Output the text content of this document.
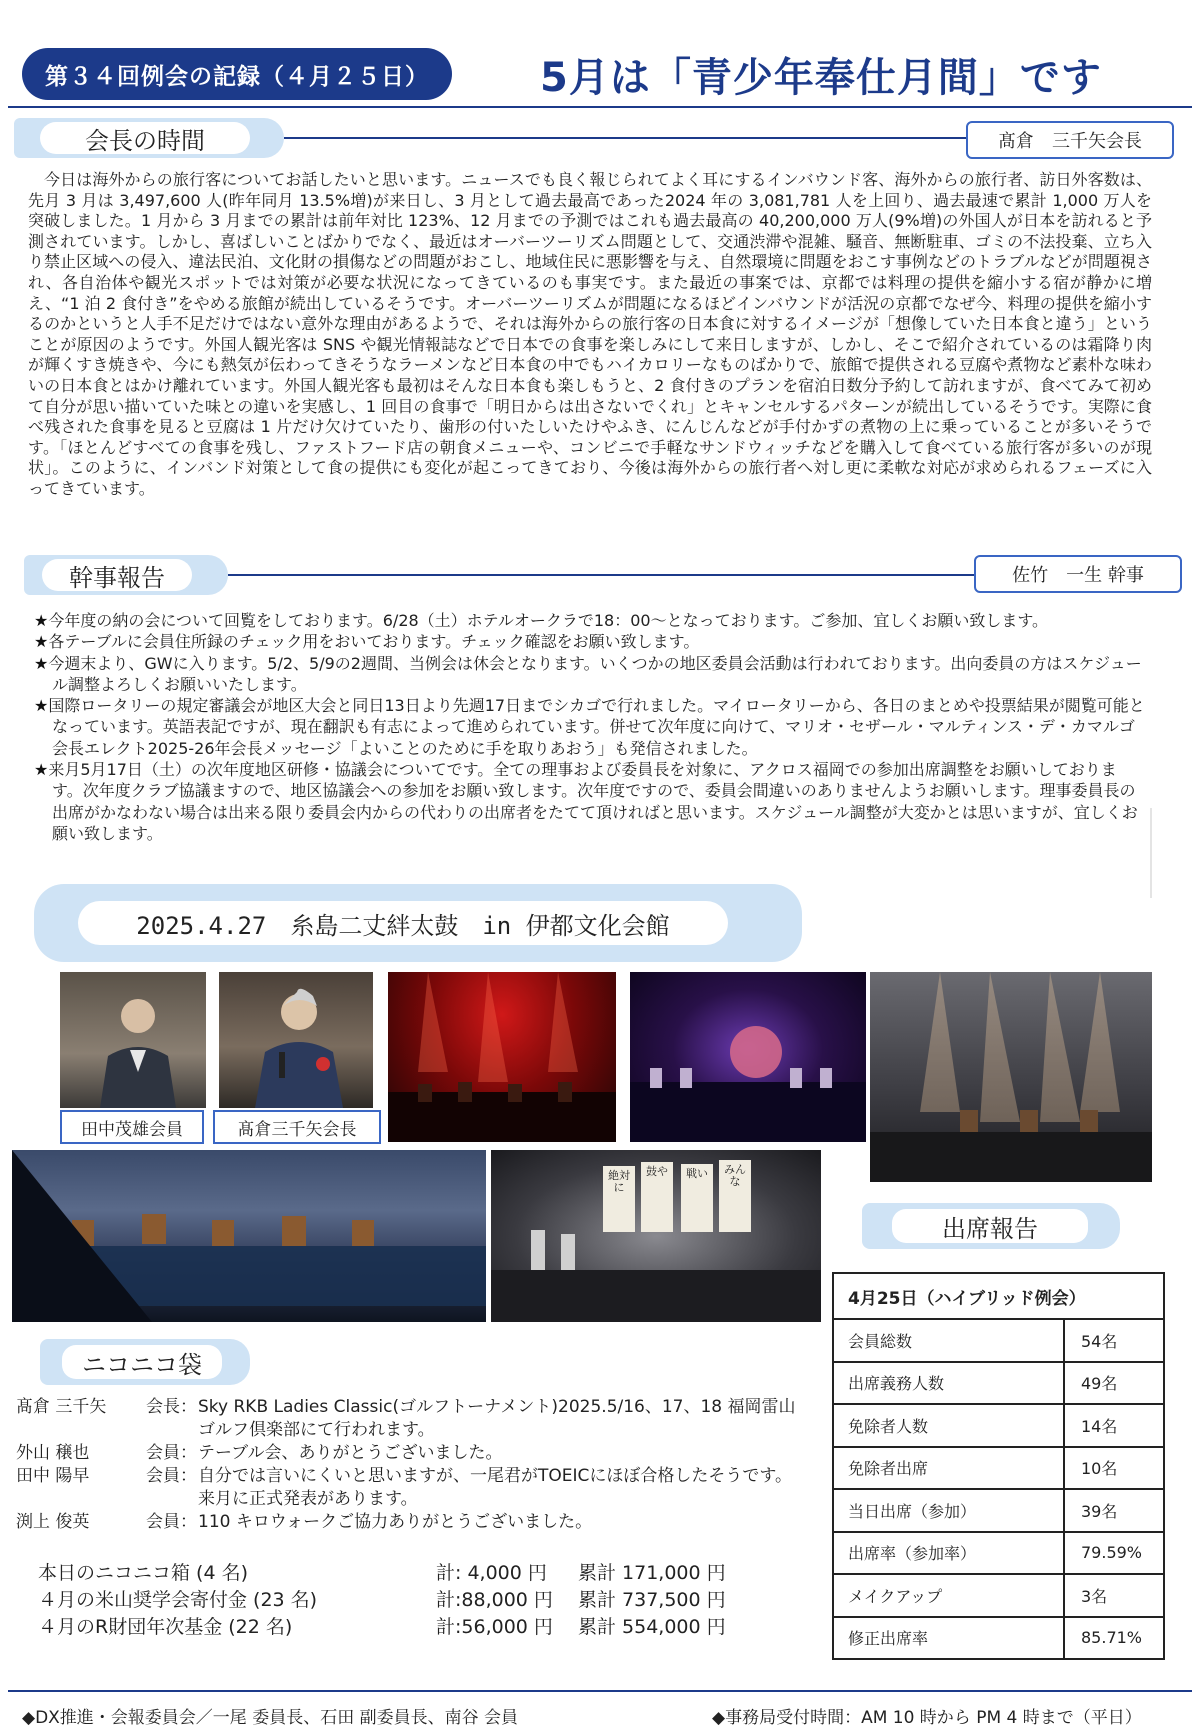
第３４回例会の記録（４月２５日）	5月は「青少年奉仕月間」です
会長の時間	髙倉　三千矢会長
今日は海外からの旅行客についてお話したいと思います。ニュースでも良く報じられてよく耳にするインバウンド客、海外からの旅行者、訪日外客数は、先月 3 月は 3,497,600 人(昨年同月 13.5%増)が来日し、3 月として過去最高であった2024 年の 3,081,781 人を上回り、過去最速で累計 1,000 万人を突破しました。1 月から 3 月までの累計は前年対比 123%、12 月までの予測ではこれも過去最高の 40,200,000 万人(9%増)の外国人が日本を訪れると予測されています。しかし、喜ばしいことばかりでなく、最近はオーバーツーリズム問題として、交通渋滞や混雑、騒音、無断駐車、ゴミの不法投棄、立ち入り禁止区域への侵入、違法民泊、文化財の損傷などの問題がおこし、地域住民に悪影響を与え、自然環境に問題をおこす事例などのトラブルなどが問題視され、各自治体や観光スポットでは対策が必要な状況になってきているのも事実です。また最近の事案では、京都では料理の提供を縮小する宿が静かに増え、“1 泊 2 食付き”をやめる旅館が続出しているそうです。オーバーツーリズムが問題になるほどインバウンドが活況の京都でなぜ今、料理の提供を縮小するのかというと人手不足だけではない意外な理由があるようで、それは海外からの旅行客の日本食に対するイメージが「想像していた日本食と違う」ということが原因のようです。外国人観光客は SNS や観光情報誌などで日本での食事を楽しみにして来日しますが、しかし、そこで紹介されているのは霜降り肉が輝くすき焼きや、今にも熱気が伝わってきそうなラーメンなど日本食の中でもハイカロリーなものばかりで、旅館で提供される豆腐や煮物など素朴な味わいの日本食とはかけ離れています。外国人観光客も最初はそんな日本食も楽しもうと、2 食付きのプランを宿泊日数分予約して訪れますが、食べてみて初めて自分が思い描いていた味との違いを実感し、1 回目の食事で「明日からは出さないでくれ」とキャンセルするパターンが続出しているそうです。実際に食べ残された食事を見ると豆腐は 1 片だけ欠けていたり、歯形の付いたしいたけやふき、にんじんなどが手付かずの煮物の上に乗っていることが多いそうです。「ほとんどすべての食事を残し、ファストフード店の朝食メニューや、コンビニで手軽なサンドウィッチなどを購入して食べている旅行客が多いのが現状」。このように、インバンド対策として食の提供にも変化が起こってきており、今後は海外からの旅行者へ対し更に柔軟な対応が求められるフェーズに入ってきています。
幹事報告	佐竹　一生 幹事
★今年度の納の会について回覧をしております。6/28（土）ホテルオークラで18：00～となっております。ご参加、宜しくお願い致します。
★各テーブルに会員住所録のチェック用をおいております。チェック確認をお願い致します。
★今週末より、GWに入ります。5/2、5/9の2週間、当例会は休会となります。いくつかの地区委員会活動は行われております。出向委員の方はスケジュール調整よろしくお願いいたします。
★国際ロータリーの規定審議会が地区大会と同日13日より先週17日までシカゴで行れました。マイロータリーから、各日のまとめや投票結果が閲覧可能となっています。英語表記ですが、現在翻訳も有志によって進められています。併せて次年度に向けて、マリオ・セザール・マルティンス・デ・カマルゴ会長エレクト2025-26年会長メッセージ「よいことのために手を取りあおう」も発信されました。
★来月5月17日（土）の次年度地区研修・協議会についてです。全ての理事および委員長を対象に、アクロス福岡での参加出席調整をお願いしております。次年度クラブ協議ますので、地区協議会への参加をお願い致します。次年度ですので、委員会間違いのありませんようお願いします。理事委員長の出席がかなわない場合は出来る限り委員会内からの代わりの出席者をたてて頂ければと思います。スケジュール調整が大変かとは思いますが、宜しくお願い致します。
2025.4.27　糸島二丈絆太鼓　in 伊都文化会館
田中茂雄会員	髙倉三千矢会長
絶対に
鼓や 戦い みんな
出席報告
4月25日（ハイブリッド例会）	
会員総数	54名
出席義務人数	49名
免除者人数	14名
免除者出席	10名
当日出席（参加）	39名
出席率（参加率）	79.59%
メイクアップ	3名
修正出席率	85.71%
ニコニコ袋
髙倉 三千矢	会長： Sky RKB Ladies Classic(ゴルフトーナメント)2025.5/16、17、18 福岡雷山ゴルフ倶楽部にて行われます。
外山 穣也	会員： テーブル会、ありがとうございました。
田中 陽早	会員： 自分では言いにくいと思いますが、一尾君がTOEICにほぼ合格したそうです。来月に正式発表があります。
渕上 俊英	会員： 110 キロウォークご協力ありがとうございました。
本日のニコニコ箱 (4 名)	計: 4,000 円	累計 171,000 円
４月の米山奨学会寄付金 (23 名)	計:88,000 円	累計 737,500 円
４月のR財団年次基金 (22 名)	計:56,000 円	累計 554,000 円
◆DX推進・会報委員会／一尾 委員長、石田 副委員長、南谷 会員	◆事務局受付時間：AM 10 時から PM 4 時まで（平日）
